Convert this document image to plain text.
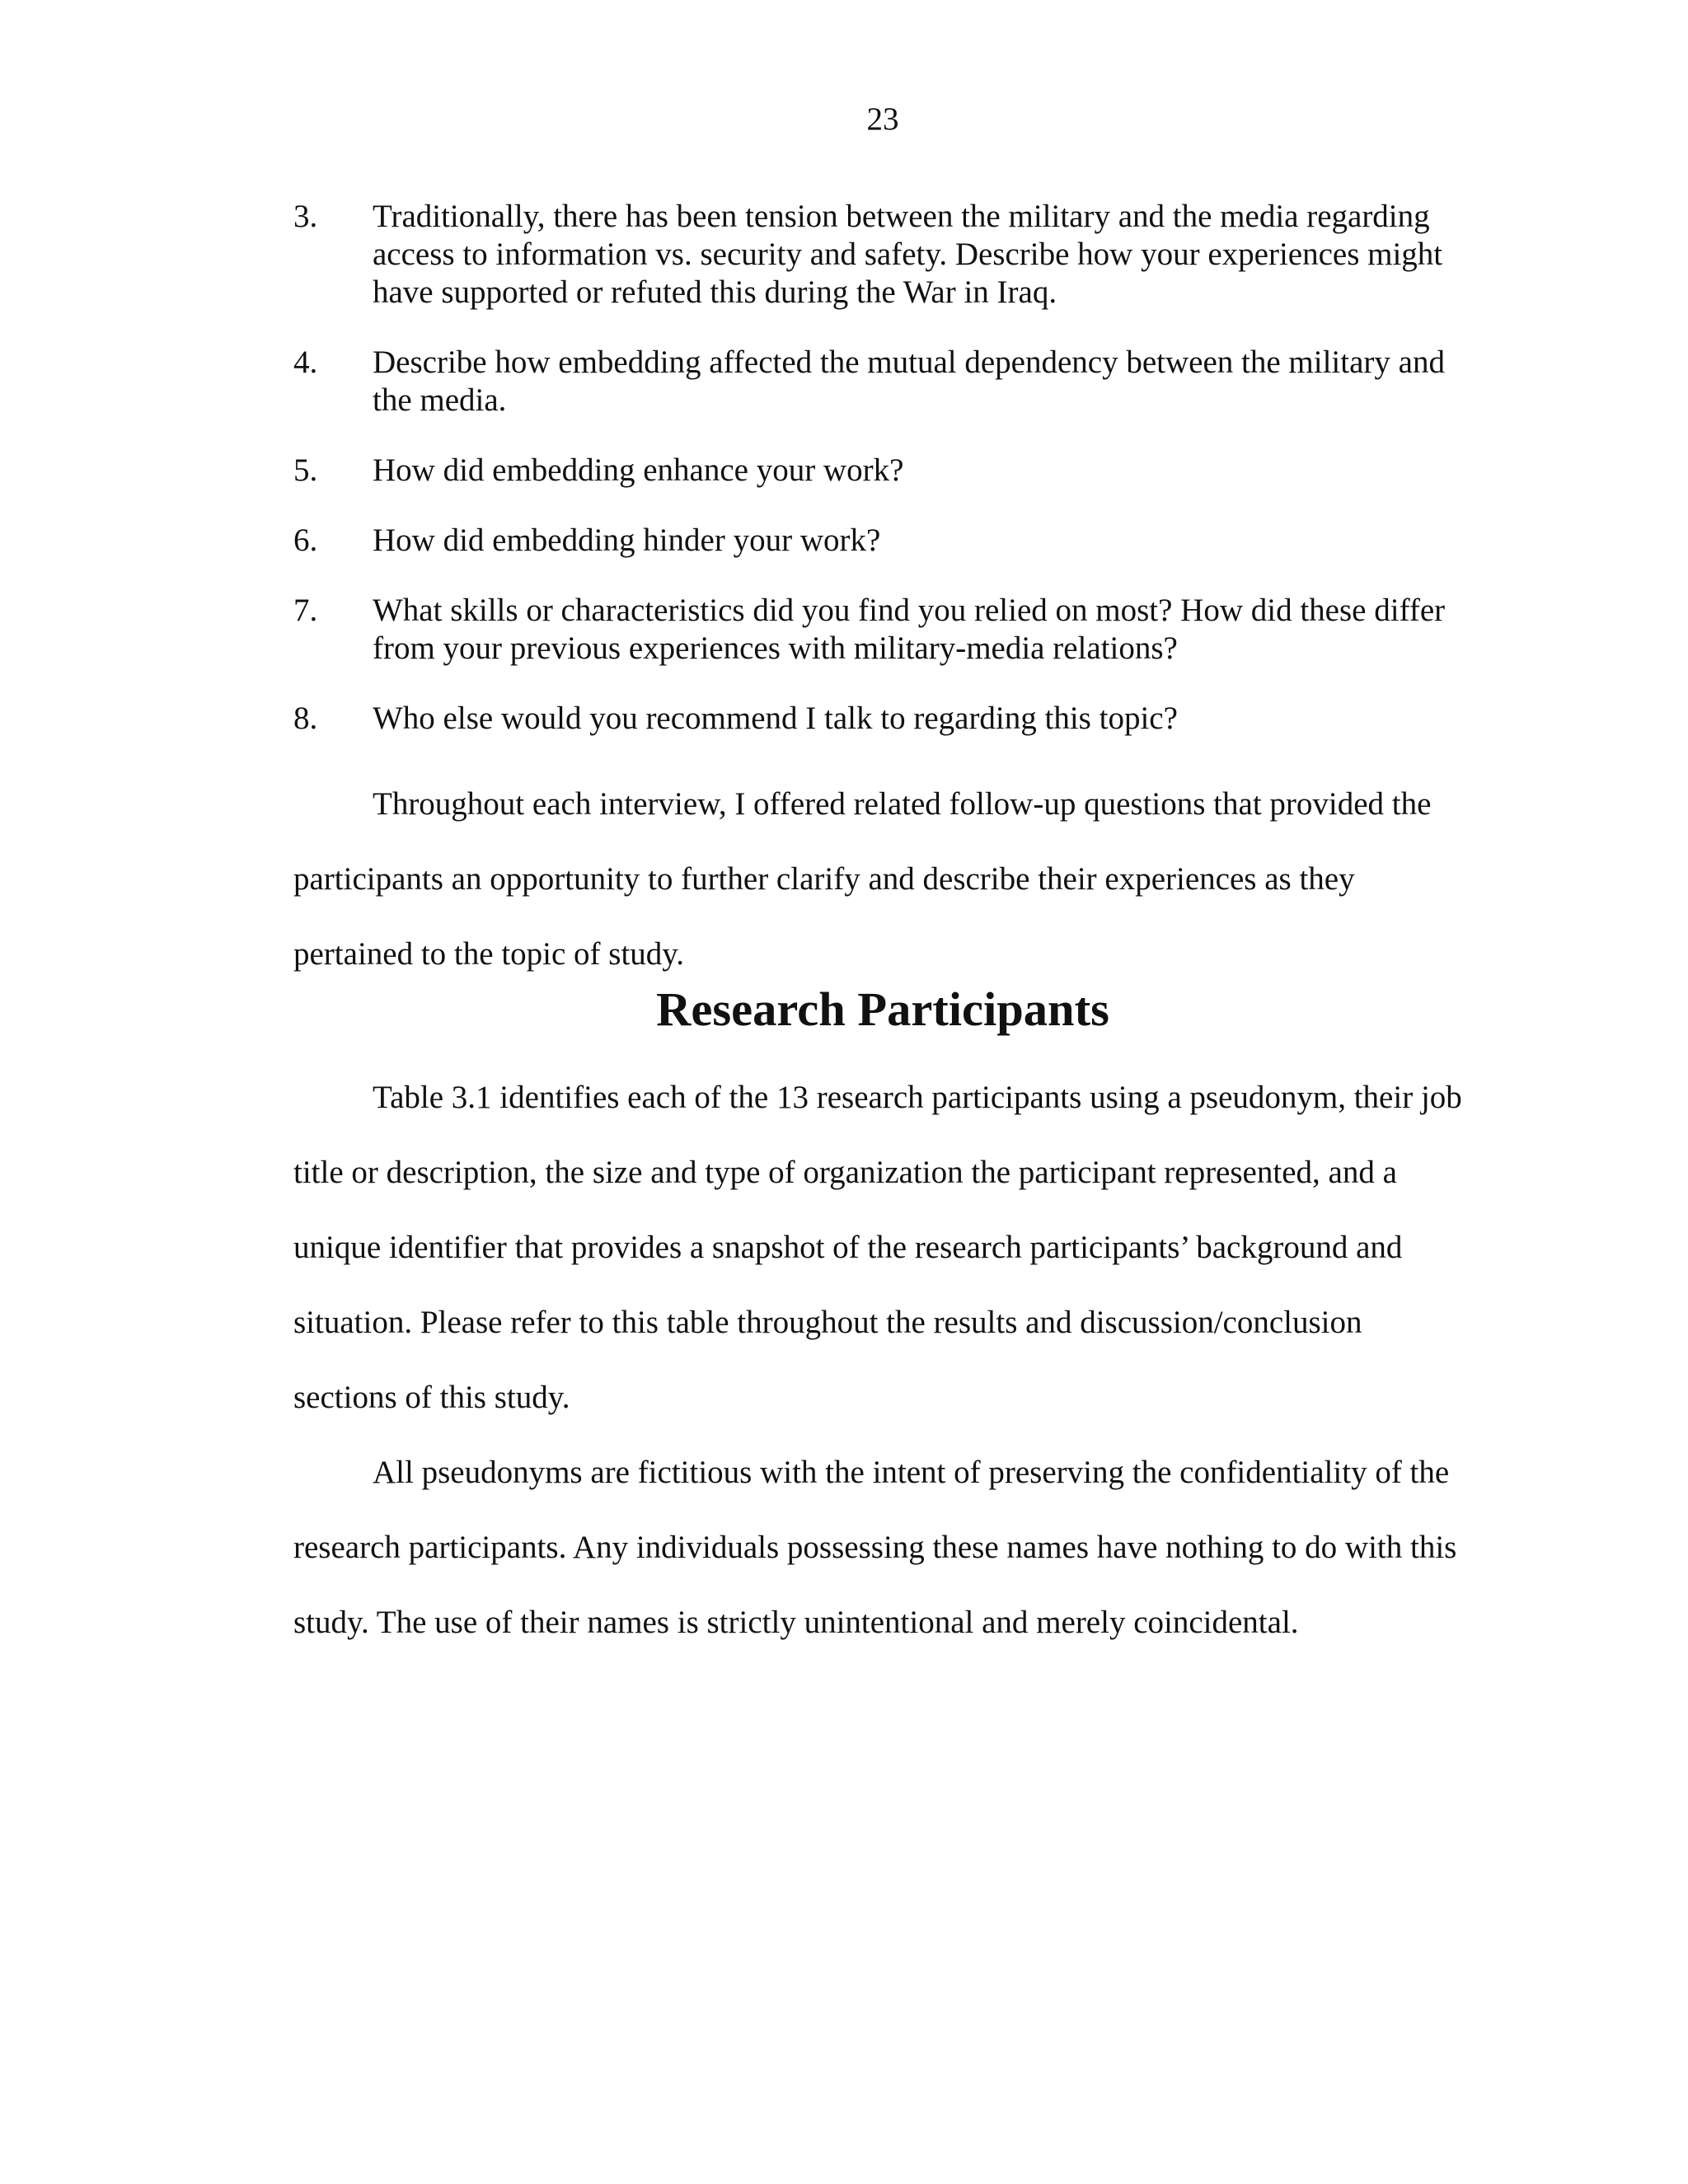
23
3. Traditionally, there has been tension between the military and the media regarding
access to information vs. security and safety. Describe how your experiences might
have supported or refuted this during the War in Iraq.
4. Describe how embedding affected the mutual dependency between the military and
the media.
5. How did embedding enhance your work?
6. How did embedding hinder your work?
7. What skills or characteristics did you find you relied on most? How did these differ
from your previous experiences with military-media relations?
8. Who else would you recommend I talk to regarding this topic?

Throughout each interview, I offered related follow-up questions that provided the participants an opportunity to further clarify and describe their experiences as they pertained to the topic of study.

Research Participants

Table 3.1 identifies each of the 13 research participants using a pseudonym, their job title or description, the size and type of organization the participant represented, and a unique identifier that provides a snapshot of the research participants’ background and situation. Please refer to this table throughout the results and discussion/conclusion sections of this study.

All pseudonyms are fictitious with the intent of preserving the confidentiality of the research participants. Any individuals possessing these names have nothing to do with this study. The use of their names is strictly unintentional and merely coincidental.
